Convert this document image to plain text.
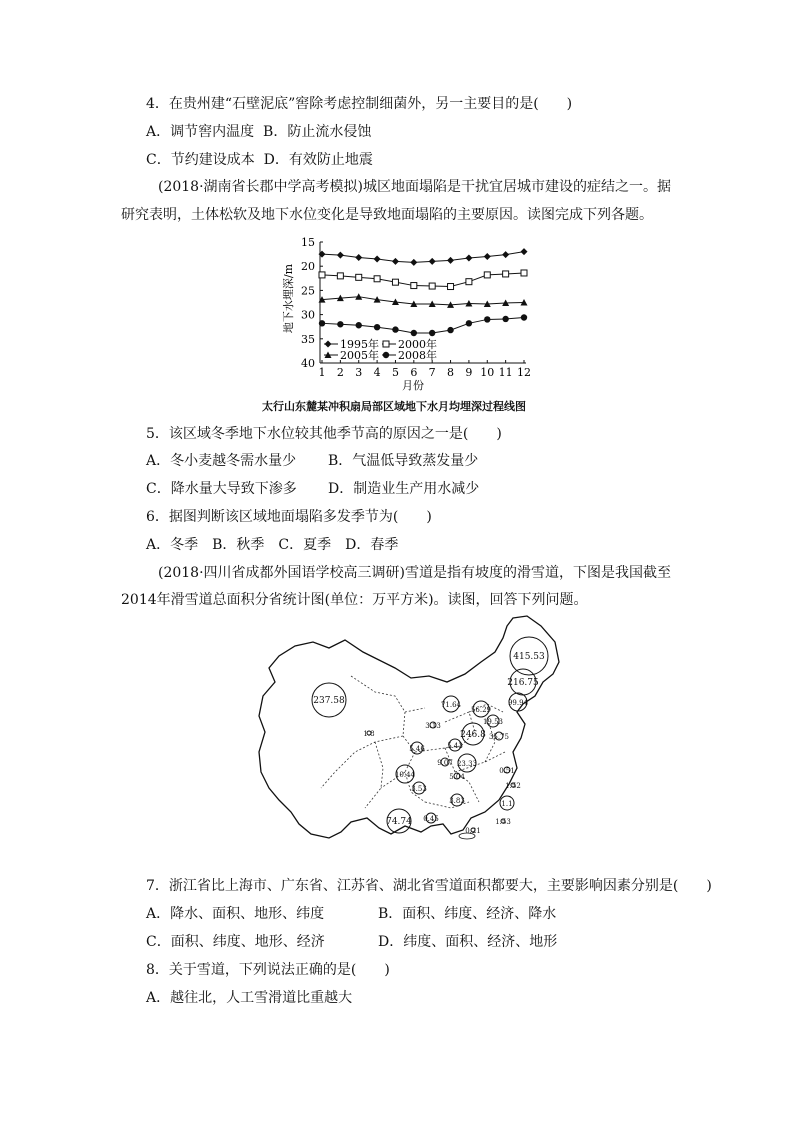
4．在贵州建“石壁泥底”窖除考虑控制细菌外，另一主要目的是(　　)
A．调节窖内温度 B．防止流水侵蚀
C．节约建设成本 D．有效防止地震
(2018·湖南省长郡中学高考模拟)城区地面塌陷是干扰宜居城市建设的症结之一。据
研究表明，土体松软及地下水位变化是导致地面塌陷的主要原因。读图完成下列各题。
15
20
25
30
35
40
1 2 3 4 5 6 7 8 9 10 11 12
月份
地下水埋深/m
1995年 2000年
2005年 2008年
太行山东麓某冲积扇局部区域地下水月均埋深过程线图
5．该区域冬季地下水位较其他季节高的原因之一是(　　)
A．冬小麦越冬需水量少 B．气温低导致蒸发量少
C．降水量大导致下渗多 D．制造业生产用水减少
6．据图判断该区域地面塌陷多发季节为(　　)
A．冬季　B．秋季　C．夏季　D．春季
(2018·四川省成都外国语学校高三调研)雪道是指有坡度的滑雪道，下图是我国截至
2014年滑雪道总面积分省统计图(单位：万平方米)。读图，回答下列问题。
415.53
216.75
237.58	99.94
71.64
56.29
19.53
3.13
1.8	246.8 35.75
5.46	5.43
9.07 23.33
0.51
10.44	5.04
1.52
3.53
3.83	1.1
74.74 0.45	1.53
0.21
7．浙江省比上海市、广东省、江苏省、湖北省雪道面积都要大，主要影响因素分别是(　　)
A．降水、面积、地形、纬度	B．面积、纬度、经济、降水
C．面积、纬度、地形、经济	D．纬度、面积、经济、地形
8．关于雪道，下列说法正确的是(　　)
A．越往北，人工雪滑道比重越大
